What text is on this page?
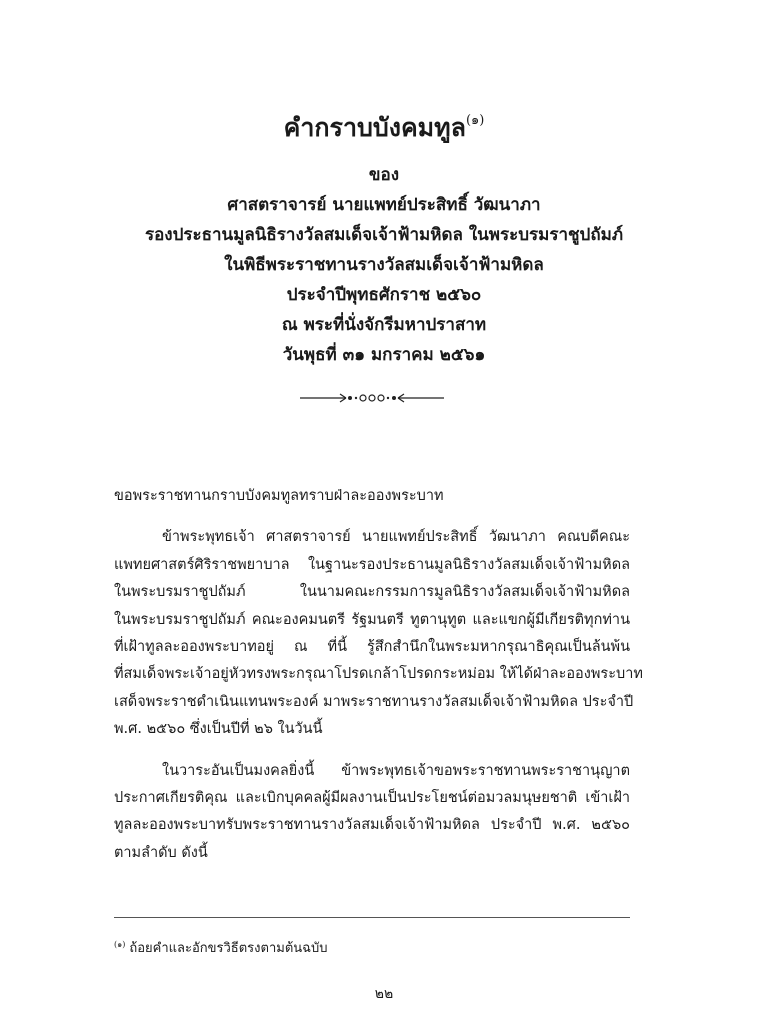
คำกราบบังคมทูล$^{(๑)}$
ของ
ศาสตราจารย์ นายแพทย์ประสิทธิ์ วัฒนาภา
รองประธานมูลนิธิรางวัลสมเด็จเจ้าฟ้ามหิดล ในพระบรมราชูปถัมภ์
ในพิธีพระราชทานรางวัลสมเด็จเจ้าฟ้ามหิดล
ประจำปีพุทธศักราช ๒๕๖๐
ณ พระที่นั่งจักรีมหาปราสาท
วันพุธที่ ๓๑ มกราคม ๒๕๖๑
ขอพระราชทานกราบบังคมทูลทราบฝ่าละอองพระบาท
ข้าพระพุทธเจ้า ศาสตราจารย์ นายแพทย์ประสิทธิ์ วัฒนาภา คณบดีคณะ
แพทยศาสตร์ศิริราชพยาบาล ในฐานะรองประธานมูลนิธิรางวัลสมเด็จเจ้าฟ้ามหิดล
ในพระบรมราชูปถัมภ์ ในนามคณะกรรมการมูลนิธิรางวัลสมเด็จเจ้าฟ้ามหิดล
ในพระบรมราชูปถัมภ์ คณะองคมนตรี รัฐมนตรี ทูตานุทูต และแขกผู้มีเกียรติทุกท่าน
ที่เฝ้าทูลละอองพระบาทอยู่ ณ ที่นี้ รู้สึกสำนึกในพระมหากรุณาธิคุณเป็นล้นพ้น
ที่สมเด็จพระเจ้าอยู่หัวทรงพระกรุณาโปรดเกล้าโปรดกระหม่อม ให้ได้ฝ่าละอองพระบาท
เสด็จพระราชดำเนินแทนพระองค์ มาพระราชทานรางวัลสมเด็จเจ้าฟ้ามหิดล ประจำปี
พ.ศ. ๒๕๖๐ ซึ่งเป็นปีที่ ๒๖ ในวันนี้
ในวาระอันเป็นมงคลยิ่งนี้ ข้าพระพุทธเจ้าขอพระราชทานพระราชานุญาต
ประกาศเกียรติคุณ และเบิกบุคคลผู้มีผลงานเป็นประโยชน์ต่อมวลมนุษยชาติ เข้าเฝ้า
ทูลละอองพระบาทรับพระราชทานรางวัลสมเด็จเจ้าฟ้ามหิดล ประจำปี พ.ศ. ๒๕๖๐
ตามลำดับ ดังนี้
$^{(๑)}$ ถ้อยคำและอักขรวิธีตรงตามต้นฉบับ
๒๒
